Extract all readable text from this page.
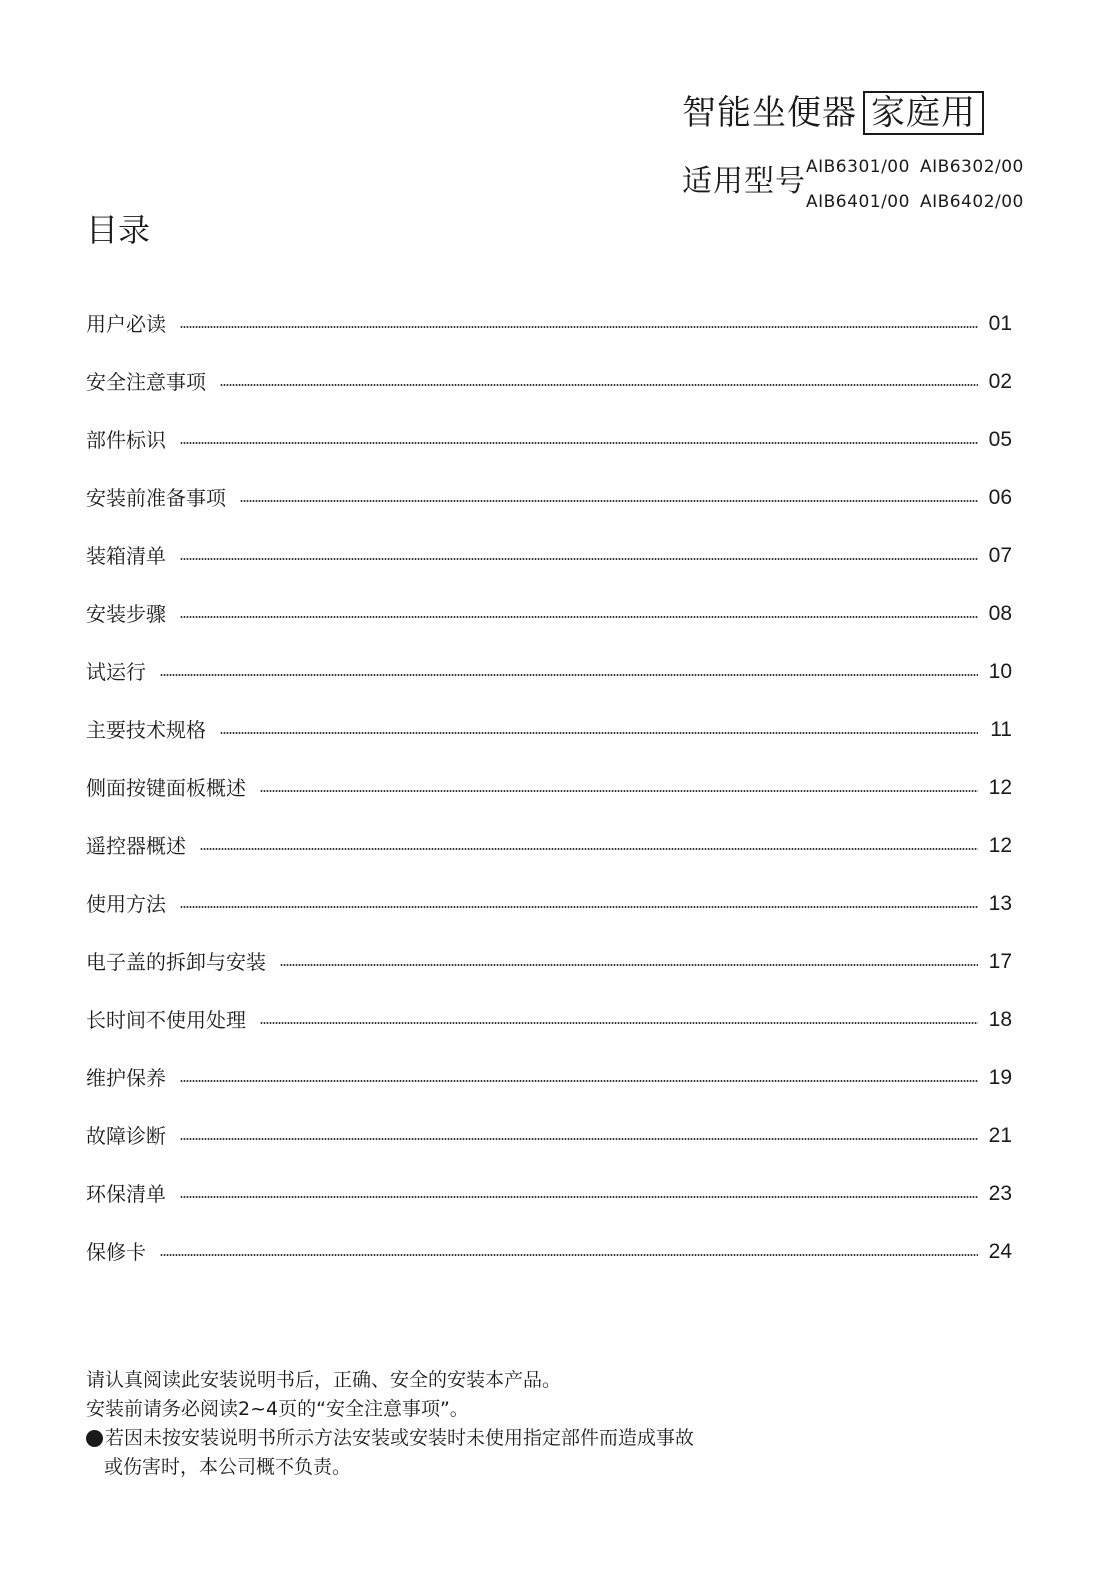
智能坐便器 家庭用
适用型号 AIB6301/00 AIB6302/00
AIB6401/00 AIB6402/00
目录
用户必读	01
安全注意事项	02
部件标识	05
安装前准备事项	06
装箱清单	07
安装步骤	08
试运行	10
主要技术规格	11
侧面按键面板概述	12
遥控器概述	12
使用方法	13
电子盖的拆卸与安装	17
长时间不使用处理	18
维护保养	19
故障诊断	21
环保清单	23
保修卡	24
请认真阅读此安装说明书后，正确、安全的安装本产品。
安装前请务必阅读2~4页的“安全注意事项”。
若因未按安装说明书所示方法安装或安装时未使用指定部件而造成事故
或伤害时，本公司概不负责。
